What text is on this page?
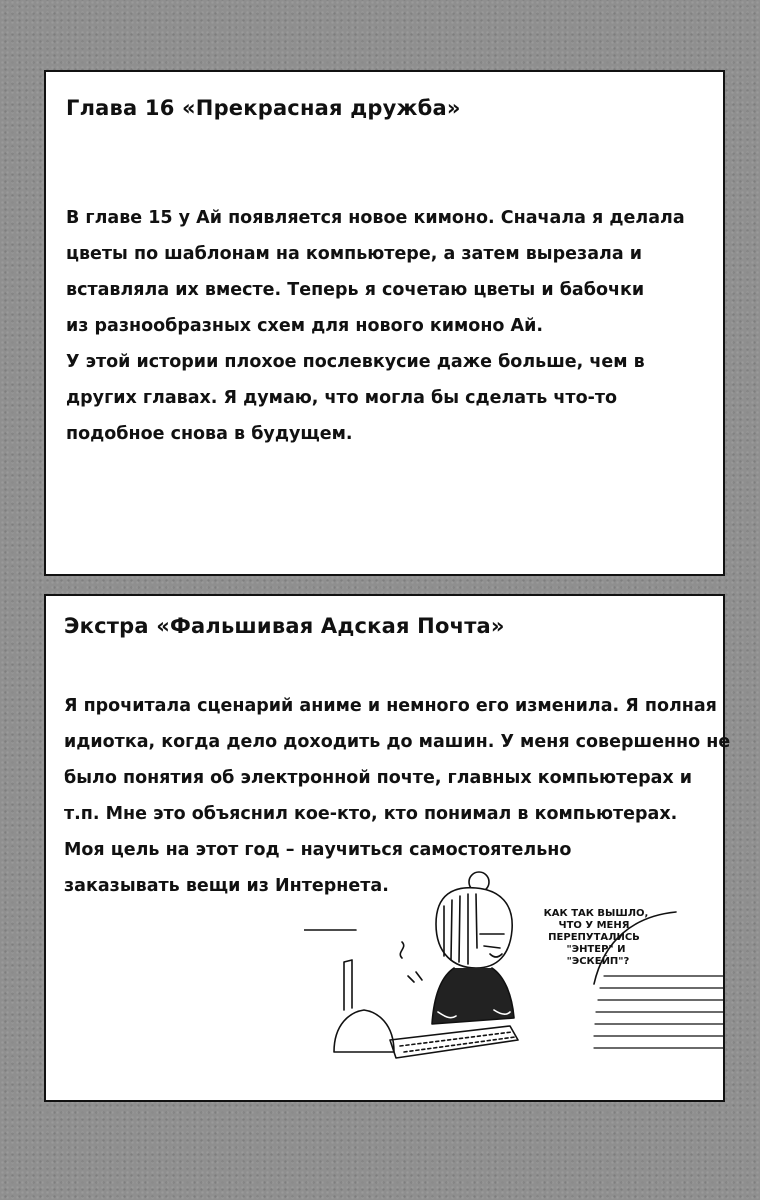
Глава 16 «Прекрасная дружба»
В главе 15 у Ай появляется новое кимоно. Сначала я делала
цветы по шаблонам на компьютере, а затем вырезала и
вставляла их вместе. Теперь я сочетаю цветы и бабочки
из разнообразных схем для нового кимоно Ай.
У этой истории плохое послевкусие даже больше, чем в
других главах. Я думаю, что могла бы сделать что-то
подобное снова в будущем.
Экстра «Фальшивая Адская Почта»
Я прочитала сценарий аниме и немного его изменила. Я полная
идиотка, когда дело доходить до машин. У меня совершенно не
было понятия об электронной почте, главных компьютерах и
т.п. Мне это объяснил кое-кто, кто понимал в компьютерах.
Моя цель на этот год – научиться самостоятельно
заказывать вещи из Интернета.
КАК ТАК ВЫШЛО,
ЧТО У МЕНЯ
ПЕРЕПУТАЛИСЬ
"ЭНТЕР" И
"ЭСКЕЙП"?
